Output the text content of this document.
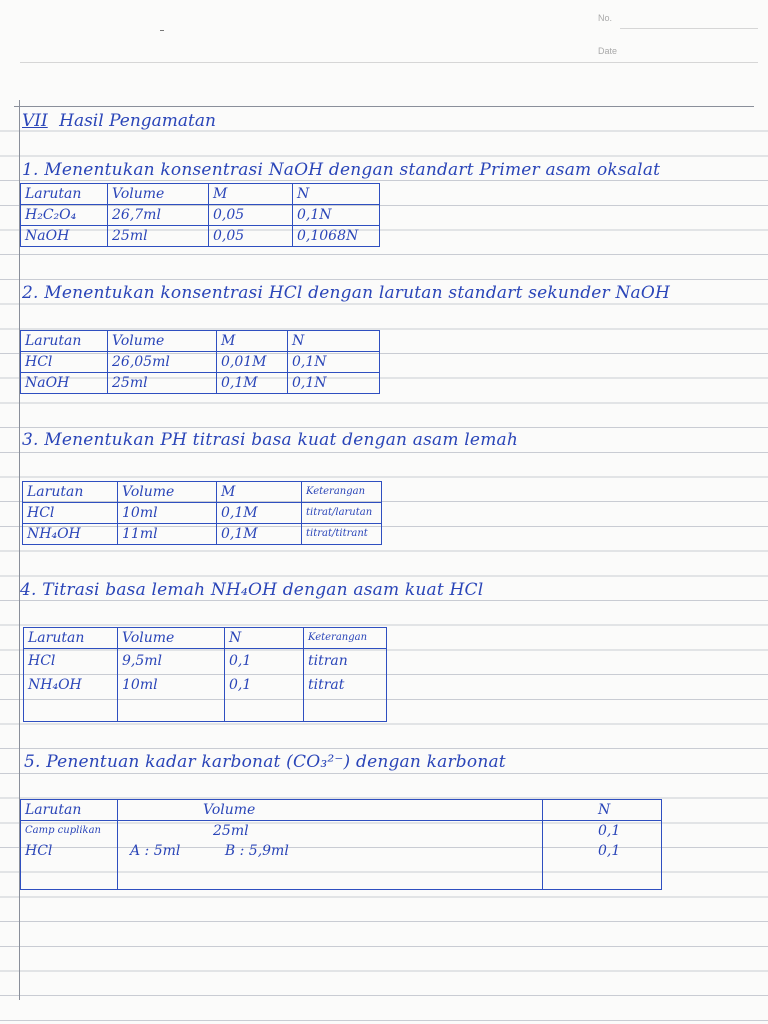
No.
Date
VII Hasil Pengamatan
1. Menentukan konsentrasi NaOH dengan standart Primer asam oksalat
Larutan	Volume	M	N
H₂C₂O₄	26,7ml	0,05	0,1N
NaOH	25ml	0,05	0,1068N
2. Menentukan konsentrasi HCl dengan larutan standart sekunder NaOH
Larutan	Volume	M	N
HCl	26,05ml	0,01M	0,1N
NaOH	25ml	0,1M	0,1N
3. Menentukan PH titrasi basa kuat dengan asam lemah
Larutan	Volume	M	Keterangan
HCl	10ml	0,1M	titrat/larutan
NH₄OH	11ml	0,1M	titrat/titrant
4. Titrasi basa lemah NH₄OH dengan asam kuat HCl
Larutan	Volume	N	Keterangan
HCl	9,5ml	0,1	titran
NH₄OH	10ml	0,1	titrat

5. Penentuan kadar karbonat (CO₃²⁻) dengan karbonat
Larutan	Volume	N
Camp cuplikan	25ml	0,1
HCl	A : 5ml          B : 5,9ml	0,1
